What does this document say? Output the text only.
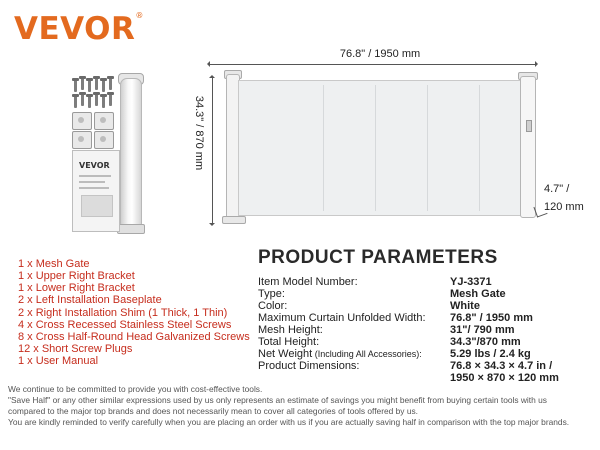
VEVOR®
VEVOR
76.8" / 1950 mm
34.3" / 870 mm
4.7" /
120 mm
1 x Mesh Gate
1 x Upper Right Bracket
1 x Lower Right Bracket
2 x Left Installation Baseplate
2 x Right Installation Shim (1 Thick, 1 Thin)
4 x Cross Recessed Stainless Steel Screws
8 x Cross Half-Round Head Galvanized Screws
12 x Short Screw Plugs
1 x User Manual
PRODUCT PARAMETERS
Item Model Number:
Type:
Color:
Maximum Curtain Unfolded Width:
Mesh Height:
Total Height:
Net Weight (Including All Accessories):
Product Dimensions:
YJ-3371
Mesh Gate
White
76.8" / 1950 mm
31"/ 790 mm
34.3"/870 mm
5.29 lbs / 2.4 kg
76.8 × 34.3 × 4.7 in /
1950 × 870 × 120 mm
We continue to be committed to provide you with cost-effective tools.
"Save Half" or any other similar expressions used by us only represents an estimate of savings you might benefit from buying certain tools with us
compared to the major top brands and does not necessarily mean to cover all categories of tools offered by us.
You are kindly reminded to verify carefully when you are placing an order with us if you are actually saving half in comparison with the top major brands.
